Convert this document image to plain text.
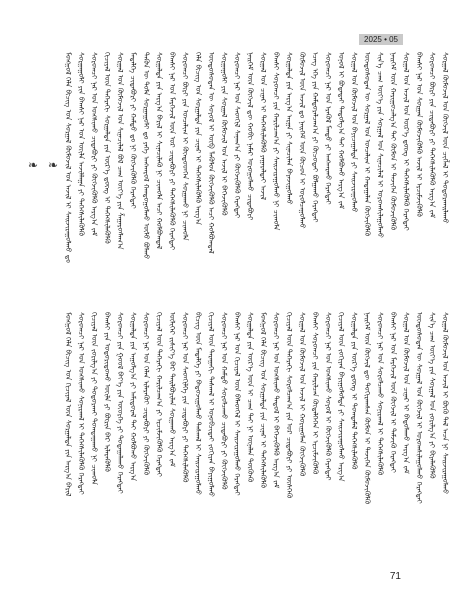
2025 • 05
❧ ❧ ᠮᠣᠩᠭᠣᠯ ᠬᠡᠯᠡ ᠪᠢᠴᠢᠭ᠌ ᠤᠨ ᠰᠤᠷᠭᠠᠯ ᠬᠦᠮᠦᠵᠢᠯ ᠤᠨ ᠠᠵᠢᠯ ᠢ ᠰᠠᠢᠵᠢᠷᠠᠭᠤᠯᠬᠤ ᠳᠤ ᠰᠤᠷᠭᠠᠭᠤᠯᠢ ᠶᠢᠨ ᠪᠠᠭᠰᠢ ᠨᠠᠷ ᠤᠨ ᠦᠢᠯᠡ ᠠᠵᠢᠯᠯᠠᠭᠠ ᠶᠢ ᠳᠡᠭᠡᠭᠰᠢᠯᠡᠭᠦᠯᠬᠦ ᠰᠤᠷᠤᠭᠴᠢ ᠨᠠᠷ ᠤᠨ ᠤᠩᠰᠢᠬᠤ ᠴᠢᠳᠠᠪᠤᠷᠢ ᠶᠢ ᠬᠥᠭᠵᠢᠭᠦᠯᠬᠦ ᠠᠷᠭ᠎ᠠ ᠵᠠᠮ ᠬᠢᠴᠢᠶᠡᠯ ᠦᠨ ᠳᠡᠭᠡᠷᠡᠬᠢ ᠰᠤᠷᠭᠠᠯᠲᠠ ᠶᠢᠨ ᠦᠷ᠎ᠡ ᠳ᠋ᠦᠩ ᠢ ᠳᠡᠭᠡᠭᠰᠢᠯᠡᠭᠦᠯᠬᠦ ᠰᠤᠷᠭᠠᠯ ᠤᠨ ᠬᠦᠮᠦᠵᠢᠯ ᠤᠨ ᠰᠢᠨᠡᠴᠢᠯᠡᠯ ᠪᠣᠯ ᠴᠠᠭ ᠦᠶ᠎ᠡ ᠶᠢᠨ ᠱᠠᠭᠠᠷᠳᠯᠠᠭ᠎ᠠ ᠮᠡᠳᠡᠯᠭᠡ ᠴᠢᠳᠠᠪᠤᠷᠢ ᠶᠢ ᠬᠠᠮᠲᠤ ᠳᠤ ᠨᠢ ᠬᠥᠭᠵᠢᠭᠦᠯᠬᠦ ᠬᠡᠷᠡᠭᠲᠡᠢ ᠲᠡᠭᠦᠨ ᠦ ᠲᠤᠯᠠ ᠰᠤᠷᠭᠠᠭᠤᠯᠢ ᠳᠤ ᠶᠡᠬᠡ ᠠᠩᠬᠠᠷᠤᠯ ᠬᠠᠨᠳᠤᠭᠤᠯᠬᠤ ᠦᠯᠦ ᠪᠣᠯᠬᠤ ᠰᠤᠷᠭᠠᠯᠲᠠ ᠶᠢᠨ ᠠᠷᠭ᠎ᠠ ᠪᠠᠷᠢᠯ ᠢ ᠰᠢᠨᠡᠴᠢᠯᠡᠬᠦ ᠨᠢ ᠴᠢᠬᠤᠯᠠ ᠠᠴᠢ ᠬᠣᠯᠪᠣᠭᠳᠠᠯ ᠪᠠᠭᠰᠢ ᠨᠠᠷ ᠤᠨ ᠮᠡᠷᠭᠡᠵᠢᠯ ᠦᠨ ᠤᠷ ᠴᠢᠳᠠᠪᠤᠷᠢ ᠶᠢ ᠳᠡᠭᠡᠭᠰᠢᠯᠡᠭᠦᠯᠬᠦ ᠬᠡᠷᠡᠭᠲᠡᠢ ᠰᠤᠷᠤᠭᠴᠢ ᠪᠦᠷᠢ ᠶᠢᠨ ᠣᠨᠴᠠᠯᠢᠭ ᠢ ᠬᠦᠨᠳᠦᠳᠬᠡᠨ ᠰᠤᠷᠭᠠᠬᠤ ᠨᠢ ᠴᠢᠬᠤᠯᠠ ᠬᠡᠯᠡ ᠪᠢᠴᠢᠭ᠌ ᠤᠨ ᠰᠤᠷᠭᠠᠯᠲᠠ ᠶᠢᠨ ᠴᠢᠨᠠᠷ ᠢ ᠳᠡᠭᠡᠭᠰᠢᠯᠡᠭᠦᠯᠬᠦ ᠠᠷᠭ᠎ᠠ ᠦᠨᠳᠦᠰᠦᠲᠡᠨ ᠦ ᠰᠤᠶᠤᠯ ᠢ ᠥᠪ ᠯᠡᠭᠦᠯᠦᠨ ᠬᠥᠭᠵᠢᠭᠦᠯᠬᠦ ᠠᠴᠢ ᠬᠣᠯᠪᠣᠭᠳᠠᠯ ᠰᠤᠷᠭᠠᠭᠤᠯᠢ ᠶᠢᠨ ᠰᠤᠷᠭᠠᠯ ᠬᠦᠮᠦᠵᠢᠯ ᠤᠨ ᠠᠵᠢᠯ ᠢ ᠪᠡᠬᠡᠵᠢᠭᠦᠯᠬᠦ ᠰᠤᠷᠤᠭᠴᠢ ᠨᠠᠷ ᠤᠨ ᠰᠡᠳᠬᠢᠯ ᠰᠠᠨᠠᠭ᠎ᠠ ᠶᠢ ᠬᠥᠭᠵᠢᠭᠦᠯᠬᠦ ᠬᠡᠷᠡᠭᠲᠡᠢ ᠨᠡᠢᠭᠡᠮ ᠦᠨ ᠬᠥᠭᠵᠢᠯ ᠳᠦ ᠬᠤᠪᠢ ᠨᠡᠮᠡᠷ ᠣᠷᠤᠭᠤᠯᠬᠤ ᠴᠢᠳᠠᠪᠤᠷᠢ ᠰᠤᠷᠭᠠᠯ ᠤᠨ ᠴᠢᠨᠠᠷ ᠢ ᠳᠡᠭᠡᠭᠰᠢᠯᠡᠭᠦᠯᠬᠦ ᠶᠠᠭᠠᠷᠠᠯᠲᠠᠢ ᠠᠵᠢᠯ ᠪᠠᠭᠰᠢ ᠰᠤᠷᠤᠭᠴᠢ ᠶᠢᠨ ᠬᠠᠷᠢᠯᠴᠠᠭ᠎ᠠ ᠶᠢ ᠰᠠᠢᠵᠢᠷᠠᠭᠤᠯᠬᠤ ᠨᠢ ᠴᠢᠬᠤᠯᠠ ᠰᠤᠷᠭᠠᠯᠲᠠ ᠶᠢᠨ ᠠᠷᠭ᠎ᠠ ᠠᠷᠭᠠ ᠶᠢ ᠰᠢᠨᠡᠴᠢᠯᠡᠨ ᠪᠠᠶᠠᠵᠢᠭᠤᠯᠬᠤ ᠬᠦᠮᠦᠵᠢᠯ ᠦᠨ ᠠᠵᠢᠯ ᠳᠤ ᠨᠡᠢᠭᠡᠮ ᠦᠨ ᠬᠦᠴᠦᠨ ᠢ ᠣᠷᠤᠯᠴᠠᠭᠤᠯᠬᠤ ᠡᠴᠡᠭ ᠡᠬᠡ ᠶᠢᠨ ᠬᠠᠮᠲᠤᠷᠠᠯᠴᠠᠭ᠎ᠠ ᠶᠢ ᠬᠦᠴᠦᠲᠡᠢ ᠪᠣᠯᠭᠠᠬᠤ ᠬᠡᠷᠡᠭᠲᠡᠢ ᠰᠤᠷᠤᠭᠴᠢ ᠨᠠᠷ ᠤᠨ ᠡᠷᠡᠭᠦᠯ ᠮᠡᠨᠳᠦ ᠶᠢ ᠠᠩᠬᠠᠷᠬᠤ ᠬᠡᠷᠡᠭᠲᠡᠢ ᠣᠨᠣᠯ ᠢ ᠪᠣᠳᠠᠳᠠᠢ ᠳᠠᠳᠤᠯᠭ᠎ᠠ ᠲᠠᠢ ᠬᠣᠯᠪᠣᠬᠤ ᠠᠷᠭ᠎ᠠ ᠵᠠᠮ ᠰᠤᠷᠭᠠᠯ ᠤᠨ ᠬᠦᠮᠦᠵᠢᠯ ᠤᠨ ᠪᠠᠶᠢᠴᠠᠭᠠᠯᠲᠠ ᠶᠢ ᠰᠠᠢᠵᠢᠷᠠᠭᠤᠯᠬᠤ ᠦᠨᠳᠦᠰᠦᠲᠡᠨ ᠦ ᠰᠤᠷᠭᠠᠯ ᠤᠨ ᠣᠨᠴᠠᠯᠢᠭ ᠢ ᠬᠠᠳᠠᠭᠠᠯᠠᠨ ᠬᠥᠭᠵᠢᠭᠦᠯᠬᠦ ᠰᠢᠨ᠎ᠡ ᠴᠠᠭ ᠦᠶ᠎ᠡ ᠶᠢᠨ ᠰᠤᠷᠭᠠᠯ ᠤᠨ ᠰᠢᠨᠡᠴᠢᠯᠡᠯ ᠢ ᠤᠷᠤᠭᠰᠢᠯᠠᠭᠤᠯᠬᠤ ᠨᠡᠢᠭᠡᠮ ᠦᠨ ᠬᠠᠷᠢᠭᠤᠴᠠᠯᠭ᠎ᠠ ᠲᠠᠢ ᠬᠦᠮᠦᠨ ᠢ ᠲᠡᠵᠢᠭᠡᠨ ᠬᠥᠮᠦᠵᠢᠭᠦᠯᠬᠦ ᠰᠤᠷᠭᠠᠯ ᠤᠨ ᠠᠵᠢᠯ ᠤᠨ ᠦᠷ᠎ᠡ ᠳ᠋ᠦᠩ ᠢ ᠳᠡᠭᠡᠭᠰᠢᠯᠡᠭᠦᠯᠬᠦ ᠬᠡᠷᠡᠭᠲᠡᠢ ᠪᠠᠭᠰᠢ ᠨᠠᠷ ᠤᠨ ᠰᠤᠷᠭᠠᠨ ᠬᠦᠮᠦᠵᠢᠭᠦᠯᠬᠦ ᠠᠵᠢᠯ ᠢ ᠡᠷᠴᠢᠮᠵᠢᠭᠦᠯᠬᠦ ᠰᠤᠷᠤᠭᠴᠢ ᠪᠦᠷᠢ ᠶᠢᠨ ᠴᠢᠳᠠᠪᠤᠷᠢ ᠶᠢ ᠳᠡᠭᠡᠭᠰᠢᠯᠡᠭᠦᠯᠬᠦ ᠠᠷᠭ᠎ᠠ ᠵᠠᠮ ᠰᠤᠷᠭᠠᠯ ᠬᠦᠮᠦᠵᠢᠯ ᠤᠨ ᠬᠥᠭᠵᠢᠯ ᠦᠨ ᠴᠢᠭᠯᠡᠯ ᠢ ᠲᠣᠳᠤᠷᠬᠠᠢᠯᠠᠬᠤ
ᠮᠣᠩᠭᠣᠯ ᠬᠡᠯᠡ ᠪᠢᠴᠢᠭ᠌ ᠤᠨ ᠬᠢᠴᠢᠶᠡᠯ ᠦᠨ ᠰᠤᠷᠭᠠᠯᠲᠠ ᠶᠢᠨ ᠠᠷᠭ᠎ᠠ ᠪᠠᠷᠢᠯ ᠰᠤᠷᠤᠭᠴᠢ ᠨᠠᠷ ᠤᠨ ᠤᠩᠰᠢᠬᠤ ᠰᠣᠨᠢᠷᠬᠠᠯ ᠢ ᠳᠡᠭᠡᠭᠰᠢᠯᠡᠭᠦᠯᠬᠦ ᠬᠡᠷᠡᠭᠲᠡᠢ ᠬᠢᠴᠢᠶᠡᠯ ᠦᠨ ᠵᠣᠷᠢᠯᠭ᠎ᠠ ᠶᠢ ᠲᠣᠳᠤᠷᠬᠠᠢ ᠲᠣᠭᠲᠠᠭᠠᠬᠤ ᠨᠢ ᠴᠢᠬᠤᠯᠠ ᠪᠠᠭᠰᠢ ᠶᠢᠨ ᠤᠳᠤᠷᠢᠳᠤᠬᠤ ᠦᠢᠯᠡ ᠶᠢ ᠪᠦᠷᠢᠨ ᠪᠡᠷ ᠢᠯᠡᠷᠡᠭᠦᠯᠬᠦ ᠰᠤᠷᠤᠭᠴᠢ ᠶᠢᠨ ᠭᠣᠣᠯ ᠪᠡᠶ᠎ᠡ ᠶᠢᠨ ᠦᠦᠷᠭᠡ ᠶᠢ ᠳᠤᠲᠠᠭᠠᠯᠠᠬᠤ ᠬᠡᠷᠡᠭᠲᠡᠢ ᠰᠤᠷᠭᠠᠯᠲᠠ ᠶᠢᠨ ᠠᠭᠤᠯᠭ᠎ᠠ ᠶᠢ ᠠᠮᠢᠳᠤᠷᠠᠯ ᠲᠠᠢ ᠬᠣᠯᠪᠣᠬᠤ ᠠᠷᠭ᠎ᠠ ᠰᠤᠷᠤᠭᠴᠢ ᠨᠠᠷ ᠤᠨ ᠬᠡᠯᠡᠨ ᠢᠯᠡᠷᠡᠬᠦᠢ ᠴᠢᠳᠠᠪᠤᠷᠢ ᠶᠢ ᠬᠥᠭᠵᠢᠭᠦᠯᠬᠦ ᠬᠢᠴᠢᠶᠡᠯ ᠦᠨ ᠳᠡᠭᠡᠷᠡᠬᠢ ᠬᠠᠷᠢᠯᠴᠠᠭ᠎ᠠ ᠶᠢ ᠡᠷᠴᠢᠮᠵᠢᠭᠦᠯᠬᠦ ᠬᠡᠷᠡᠭᠲᠡᠢ ᠦᠯᠢᠭᠡᠷ ᠵᠢᠱᠢᠶ᠎ᠡ ᠪᠡᠷ ᠲᠠᠢᠯᠪᠤᠷᠢᠯᠠᠨ ᠰᠤᠷᠭᠠᠬᠤ ᠠᠷᠭ᠎ᠠ ᠵᠠᠮ ᠰᠤᠷᠤᠭᠴᠢ ᠨᠠᠷ ᠤᠨ ᠰᠡᠳᠬᠢᠯᠭᠡ ᠶᠢᠨ ᠴᠢᠳᠠᠪᠤᠷᠢ ᠶᠢ ᠳᠡᠭᠡᠭᠰᠢᠯᠡᠭᠦᠯᠬᠦ ᠪᠢᠴᠢᠭ᠌ ᠦᠨ ᠮᠡᠳᠡᠯᠭᠡ ᠶᠢ ᠪᠠᠲᠤᠵᠢᠭᠤᠯᠬᠤ ᠳᠠᠰᠬᠠᠯ ᠢ ᠰᠠᠢᠵᠢᠷᠠᠭᠤᠯᠬᠤ ᠬᠢᠴᠢᠶᠡᠯ ᠦᠨ ᠳᠠᠷᠠᠭᠠᠬᠢ ᠳᠠᠰᠬᠠᠯ ᠢ ᠣᠨᠣᠪᠴᠢᠲᠠᠢ ᠵᠣᠬᠢᠶᠠᠨ ᠪᠠᠶᠢᠭᠤᠯᠬᠤ ᠰᠤᠷᠤᠭᠴᠢ ᠨᠠᠷ ᠤᠨ ᠬᠠᠮᠲᠤ ᠰᠤᠷᠤᠯᠴᠠᠬᠤ ᠴᠢᠳᠠᠪᠤᠷᠢ ᠶᠢ ᠬᠥᠭᠵᠢᠭᠦᠯᠬᠦ ᠪᠠᠭᠰᠢ ᠨᠠᠷ ᠤᠨ ᠬᠢᠴᠢᠶᠡᠯ ᠦᠨ ᠪᠡᠯᠡᠳᠬᠡᠯ ᠢ ᠰᠠᠢᠵᠢᠷᠠᠭᠤᠯᠬᠤ ᠬᠡᠷᠡᠭᠲᠡᠢ ᠰᠤᠷᠭᠠᠯᠲᠠ ᠶᠢᠨ ᠦᠷ᠎ᠡ ᠦᠨ ᠢ ᠴᠠᠭ ᠲᠠᠢ ᠨᠢ ᠦᠨᠡᠯᠡᠨ ᠳᠦᠭᠦᠨᠬᠦ ᠮᠣᠩᠭᠣᠯ ᠬᠡᠯᠡ ᠪᠢᠴᠢᠭ᠌ ᠤᠨ ᠰᠤᠷᠭᠠᠯᠲᠠ ᠶᠢᠨ ᠴᠢᠨᠠᠷ ᠢ ᠳᠡᠭᠡᠭᠰᠢᠯᠡᠭᠦᠯᠬᠦ ᠰᠤᠷᠤᠭᠴᠢ ᠨᠠᠷ ᠤᠨ ᠤᠩᠰᠢᠬᠤ ᠳᠠᠳᠤᠯ ᠢ ᠪᠡᠬᠡᠵᠢᠭᠦᠯᠬᠦ ᠠᠷᠭ᠎ᠠ ᠵᠠᠮ ᠬᠢᠴᠢᠶᠡᠯ ᠦᠨ ᠳᠡᠭᠡᠷᠡᠬᠢ ᠰᠤᠷᠤᠯᠴᠠᠭ᠎ᠠ ᠶᠢᠨ ᠤᠷ ᠴᠢᠳᠠᠪᠤᠷᠢ ᠶᠢ ᠥᠰᠬᠡᠬᠦ ᠰᠤᠷᠭᠠᠯ ᠤᠨ ᠬᠦᠮᠦᠵᠢᠯ ᠤᠨ ᠠᠵᠢᠯ ᠢ ᠬᠣᠷᠢᠭᠤᠯᠠᠨ ᠬᠥᠭᠵᠢᠭᠦᠯᠬᠦ ᠪᠠᠭᠰᠢ ᠰᠤᠷᠤᠭᠴᠢ ᠶᠢᠨ ᠬᠠᠷᠢᠯᠴᠠᠨ ᠬᠥᠳᠡᠯᠭᠡᠭᠡᠨ ᠢ ᠡᠷᠴᠢᠮᠵᠢᠭᠦᠯᠬᠦ ᠰᠤᠷᠤᠭᠴᠢ ᠨᠠᠷ ᠤᠨ ᠤᠩᠰᠢᠬᠤ ᠰᠣᠶᠤᠯ ᠢ ᠬᠥᠭᠵᠢᠭᠦᠯᠬᠦ ᠬᠡᠷᠡᠭᠲᠡᠢ ᠬᠢᠴᠢᠶᠡᠯ ᠦᠨ ᠵᠣᠬᠢᠶᠠᠨ ᠪᠠᠶᠢᠭᠤᠯᠤᠯᠲᠠ ᠶᠢ ᠰᠠᠢᠵᠢᠷᠠᠭᠤᠯᠬᠤ ᠠᠷᠭ᠎ᠠ ᠰᠤᠷᠭᠠᠯᠲᠠ ᠶᠢᠨ ᠦᠷ᠎ᠡ ᠳ᠋ᠦᠩ ᠢ ᠲᠣᠭᠲᠠᠮᠠᠯ ᠳᠡᠭᠡᠭᠰᠢᠯᠡᠭᠦᠯᠬᠦ ᠨᠡᠢᠭᠡᠮ ᠦᠨ ᠬᠥᠭᠵᠢᠯ ᠳᠦ ᠲᠣᠬᠢᠷᠠᠭᠰᠠᠨ ᠬᠦᠮᠦᠨ ᠢ ᠲᠡᠵᠢᠭᠡᠨ ᠬᠥᠮᠦᠵᠢᠭᠦᠯᠬᠦ ᠰᠤᠷᠤᠭᠴᠢ ᠨᠠᠷ ᠤᠨ ᠰᠤᠷᠤᠯᠴᠠᠬᠤ ᠰᠣᠨᠢᠷᠬᠠᠯ ᠢ ᠳᠡᠭᠡᠭᠰᠢᠯᠡᠭᠦᠯᠬᠦ ᠪᠠᠭᠰᠢ ᠨᠠᠷ ᠤᠨ ᠮᠡᠷᠭᠡᠵᠢᠯ ᠦᠨ ᠬᠥᠭᠵᠢᠯ ᠢ ᠳᠡᠮᠵᠢᠬᠦ ᠬᠡᠷᠡᠭᠲᠡᠢ ᠰᠤᠷᠭᠠᠯ ᠤᠨ ᠬᠦᠮᠦᠵᠢᠯ ᠤᠨ ᠴᠢᠨᠠᠷ ᠢ ᠪᠠᠲᠤᠯᠠᠬᠤ ᠠᠷᠭ᠎ᠠ ᠵᠠᠮ ᠦᠨᠳᠦᠰᠦᠲᠡᠨ ᠦ ᠰᠤᠷᠭᠠᠯ ᠤᠨ ᠬᠥᠭᠵᠢᠯ ᠢ ᠤᠷᠤᠭᠰᠢᠯᠠᠭᠤᠯᠬᠤ ᠬᠡᠷᠡᠭᠲᠡᠢ ᠰᠢᠨ᠎ᠡ ᠴᠠᠭ ᠦᠶ᠎ᠡ ᠶᠢᠨ ᠰᠤᠷᠭᠠᠯ ᠤᠨ ᠵᠣᠷᠢᠯᠭ᠎ᠠ ᠶᠢ ᠪᠢᠶᠡᠯᠡᠭᠦᠯᠬᠦ ᠰᠤᠷᠭᠠᠯ ᠬᠦᠮᠦᠵᠢᠯ ᠤᠨ ᠠᠵᠢᠯ ᠢ ᠪᠦᠬᠦ ᠲᠠᠯ ᠠᠴᠠ ᠨᠢ ᠰᠠᠢᠵᠢᠷᠠᠭᠤᠯᠬᠤ
71
